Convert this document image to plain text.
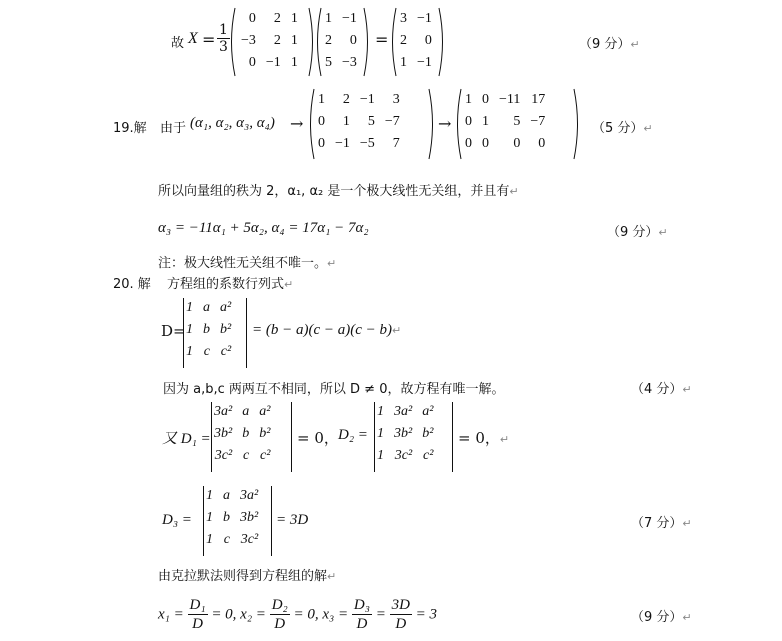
故 $X = \frac{1}{3}$
0	2	1
−3	2	1
0	−1	1
1	−1
2	0
5	−3
=
3	−1
2	0
1	−1
（9 分）↵
19.解 由于 (α₁, α₂, α₃, α₄) →
1	2	−1	3
0	1	5	−7
0	−1	−5	7
→
1	0	−11	17
0	1	5	−7
0	0	0	0
（5 分）↵
所以向量组的秩为 2，α₁, α₂ 是一个极大线性无关组，并且有↵
α₃ = −11α₁ + 5α₂, α₄ = 17α₁ − 7α₂	（9 分）↵
注：极大线性无关组不唯一。↵
20. 解 方程组的系数行列式↵
D=
1	a	a²
1	b	b²
1	c	c²
= (b − a)(c − a)(c − b)↵
因为 a,b,c 两两互不相同，所以 D ≠ 0，故方程有唯一解。	（4 分）↵
又 D₁ =
3a²	a	a²
3b²	b	b²
3c²	c	c²
= 0， D₂ =
1	3a²	a²
1	3b²	b²
1	3c²	c²
= 0，↵
D₃ =
1	a	3a²
1	b	3b²
1	c	3c²
= 3D	（7 分）↵
由克拉默法则得到方程组的解↵
$x_1 = \frac{\text{D₁}}{D} = 0$, $x_2 = \frac{\text{D₂}}{D} = 0$, $x_3 = \frac{\text{D₃}}{D} = \frac{3D}{D} = 3$	（9 分）↵
